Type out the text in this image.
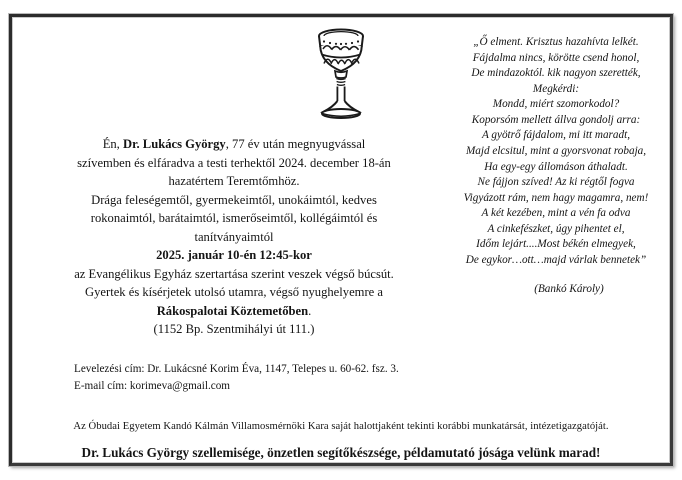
Én, Dr. Lukács György, 77 év után megnyugvással

szívemben és elfáradva a testi terhektől 2024. december 18-án

hazatértem Teremtőmhöz.

Drága feleségemtől, gyermekeimtől, unokáimtól, kedves

rokonaimtól, barátaimtól, ismerőseimtől, kollégáimtól és

tanítványaimtól

2025. január 10-én 12:45-kor

az Evangélikus Egyház szertartása szerint veszek végső búcsút.

Gyertek és kísérjetek utolsó utamra, végső nyughelyemre a

Rákospalotai Köztemetőben.

(1152 Bp. Szentmihályi út 111.)

„Ő elment. Krisztus hazahívta lelkét.
Fájdalma nincs, körötte csend honol,
De mindazoktól. kik nagyon szerették,
Megkérdi:
Mondd, miért szomorkodol?
Koporsóm mellett állva gondolj arra:
A gyötrő fájdalom, mi itt maradt,
Majd elcsitul, mint a gyorsvonat robaja,
Ha egy-egy állomáson áthaladt.
Ne fájjon szíved! Az ki régtől fogva
Vigyázott rám, nem hagy magamra, nem!
A két kezében, mint a vén fa odva
A cinkefészket, úgy pihentet el,
Időm lejárt....Most békén elmegyek,
De egykor…ott…majd várlak bennetek”
(Bankó Károly)
Levelezési cím: Dr. Lukácsné Korim Éva, 1147, Telepes u. 60-62. fsz. 3.
E-mail cím: korimeva@gmail.com
Az Óbudai Egyetem Kandó Kálmán Villamosmérnöki Kara saját halottjaként tekinti korábbi munkatársát, intézetigazgatóját.
Dr. Lukács György szellemisége, önzetlen segítőkészsége, példamutató jósága velünk marad!
